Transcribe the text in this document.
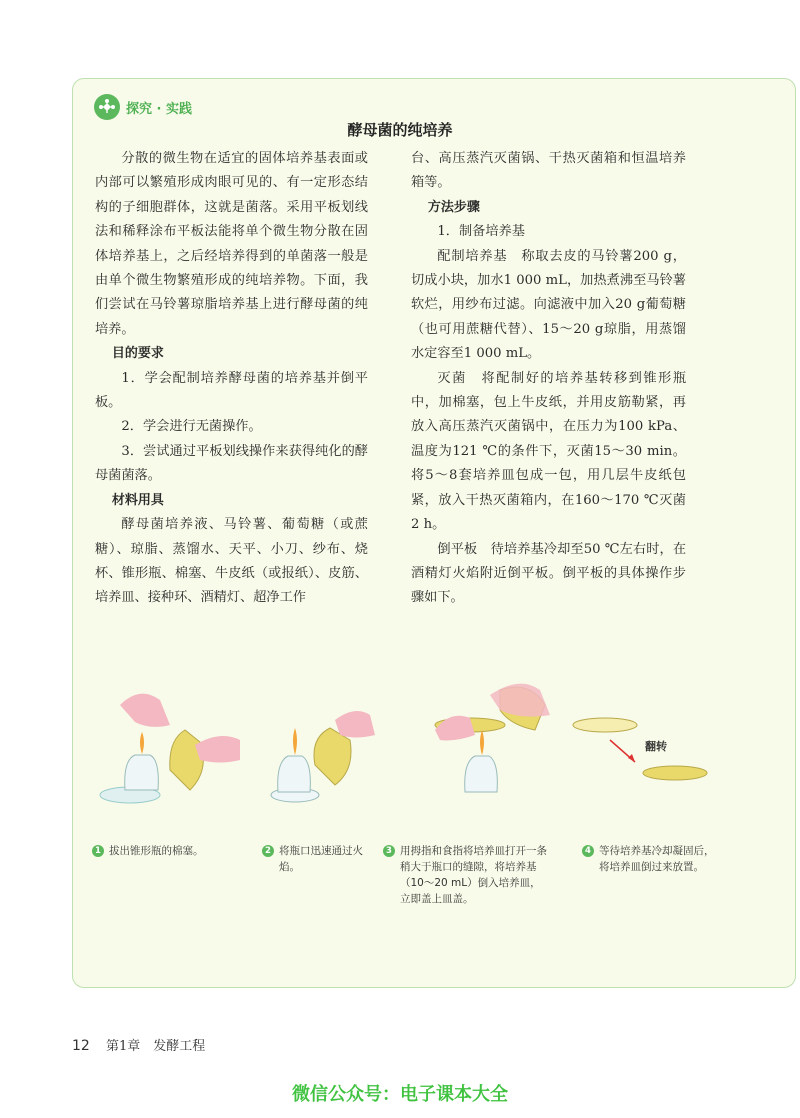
探究 · 实践
酵母菌的纯培养

分散的微生物在适宜的固体培养基表面或内部可以繁殖形成肉眼可见的、有一定形态结构的子细胞群体，这就是菌落。采用平板划线法和稀释涂布平板法能将单个微生物分散在固体培养基上，之后经培养得到的单菌落一般是由单个微生物繁殖形成的纯培养物。下面，我们尝试在马铃薯琼脂培养基上进行酵母菌的纯培养。

目的要求

1．学会配制培养酵母菌的培养基并倒平板。

2．学会进行无菌操作。

3．尝试通过平板划线操作来获得纯化的酵母菌菌落。

材料用具

酵母菌培养液、马铃薯、葡萄糖（或蔗糖）、琼脂、蒸馏水、天平、小刀、纱布、烧杯、锥形瓶、棉塞、牛皮纸（或报纸）、皮筋、培养皿、接种环、酒精灯、超净工作

台、高压蒸汽灭菌锅、干热灭菌箱和恒温培养箱等。

方法步骤

1．制备培养基

配制培养基　 称取去皮的马铃薯200 g，切成小块，加水1 000 mL，加热煮沸至马铃薯软烂，用纱布过滤。向滤液中加入20 g葡萄糖（也可用蔗糖代替）、15～20 g琼脂，用蒸馏水定容至1 000 mL。

灭菌　 将配制好的培养基转移到锥形瓶中，加棉塞，包上牛皮纸，并用皮筋勒紧，再放入高压蒸汽灭菌锅中，在压力为100 kPa、温度为121 ℃的条件下，灭菌15～30 min。将5～8套培养皿包成一包，用几层牛皮纸包紧，放入干热灭菌箱内，在160～170 ℃灭菌2 h。

倒平板　 待培养基冷却至50 ℃左右时，在酒精灯火焰附近倒平板。倒平板的具体操作步骤如下。

翻转
1 拔出锥形瓶的棉塞。	2 将瓶口迅速通过火焰。
3 用拇指和食指将培养皿打开一条稍大于瓶口的缝隙，将培养基（10～20 mL）倒入培养皿，立即盖上皿盖。
4 等待培养基冷却凝固后，将培养皿倒过来放置。
12 第1章　发酵工程
微信公众号：电子课本大全
